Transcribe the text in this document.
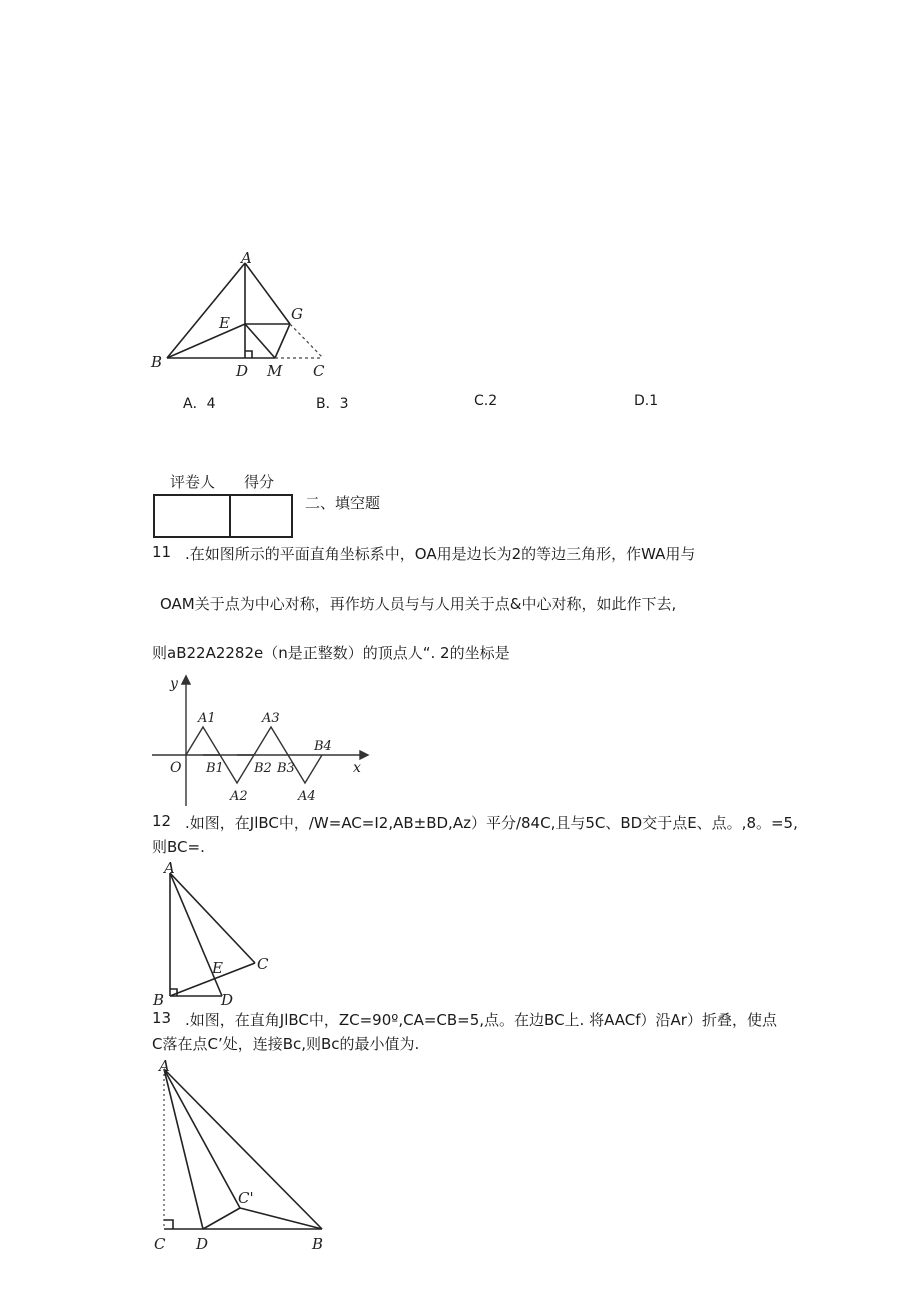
A
E	G
B	D M C
A．4	B．3	C.2	D.1
评卷人 得分
二、填空题
11 .在如图所示的平面直角坐标系中，OA用是边长为2的等边三角形，作WA用与
OAM关于点为中心对称，再作坊人员与与人用关于点&中心对称，如此作下去,
则aB22A2282e（n是正整数）的顶点人“. 2的坐标是
y
A1	A3
B4
O B1 B2 B3	x
A2	A4
12 .如图，在JlBC中，/W=AC=I2,AB±BD,Az）平分/84C,且与5C、BD交于点E、点。,8。=5,
则BC=.
A
E C
B	D
13 .如图，在直角JlBC中，ZC=90º,CA=CB=5,点。在边BC上. 将AACf）沿Ar）折叠，使点
C落在点C’处，连接Bc,则Bc的最小值为.
A
C'
C D	B
